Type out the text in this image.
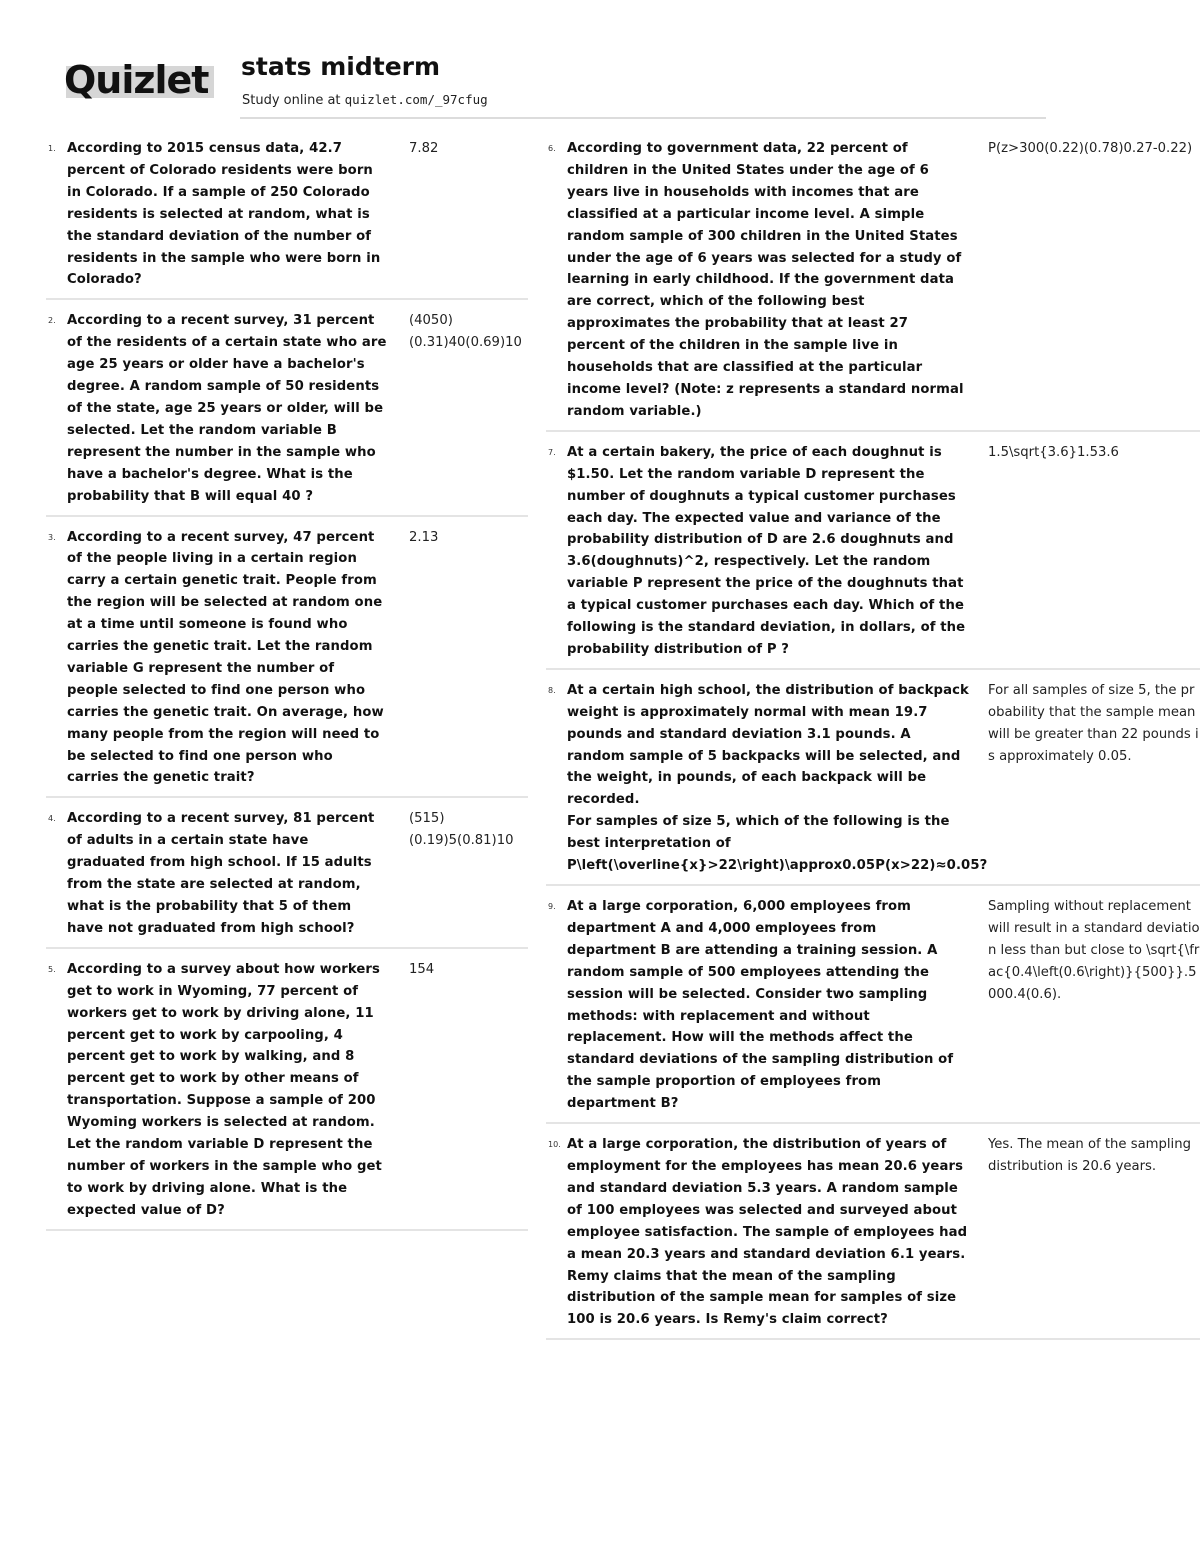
Quizlet stats midterm
Study online at quizlet.com/_97cfug
1. According to 2015 census data, 42.7 percent of Colorado residents were born in Colorado. If a sample of 250 Colorado residents is selected at random, what is the standard deviation of the number of residents in the sample who were born in Colorado?
7.82
2. According to a recent survey, 31 percent of the residents of a certain state who are age 25 years or older have a bachelor's degree. A random sample of 50 residents of the state, age 25 years or older, will be selected. Let the random variable B represent the number in the sample who have a bachelor's degree. What is the probability that B will equal 40 ?
(4050)(0.31)40(0.69)10
3. According to a recent survey, 47 percent of the people living in a certain region carry a certain genetic trait. People from the region will be selected at random one at a time until someone is found who carries the genetic trait. Let the random variable G represent the number of people selected to find one person who carries the genetic trait. On average, how many people from the region will need to be selected to find one person who carries the genetic trait?
2.13
4. According to a recent survey, 81 percent of adults in a certain state have graduated from high school. If 15 adults from the state are selected at random, what is the probability that 5 of them have not graduated from high school?
(515)(0.19)5(0.81)10
5. According to a survey about how workers get to work in Wyoming, 77 percent of workers get to work by driving alone, 11 percent get to work by carpooling, 4 percent get to work by walking, and 8 percent get to work by other means of transportation. Suppose a sample of 200 Wyoming workers is selected at random. Let the random variable D represent the number of workers in the sample who get to work by driving alone. What is the expected value of D?
154
6. According to government data, 22 percent of children in the United States under the age of 6 years live in households with incomes that are classified at a particular income level. A simple random sample of 300 children in the United States under the age of 6 years was selected for a study of learning in early childhood. If the government data are correct, which of the following best approximates the probability that at least 27 percent of the children in the sample live in households that are classified at the particular income level? (Note: z represents a standard normal random variable.)
P(z>300(0.22)(0.78)0.27-0.22)
7. At a certain bakery, the price of each doughnut is $1.50. Let the random variable D represent the number of doughnuts a typical customer purchases each day. The expected value and variance of the probability distribution of D are 2.6 doughnuts and 3.6(doughnuts)^2, respectively. Let the random variable P represent the price of the doughnuts that a typical customer purchases each day. Which of the following is the standard deviation, in dollars, of the probability distribution of P ?
1.5\sqrt{3.6}1.53.6
8. At a certain high school, the distribution of backpack weight is approximately normal with mean 19.7 pounds and standard deviation 3.1 pounds. A random sample of 5 backpacks will be selected, and the weight, in pounds, of each backpack will be recorded.

For samples of size 5, which of the following is the best interpretation of P\left(\overline{x}>22\right)\approx0.05P(x>22)≈0.05?

For all samples of size 5, the probability that the sample mean will be greater than 22 pounds is approximately 0.05.
9. At a large corporation, 6,000 employees from department A and 4,000 employees from department B are attending a training session. A random sample of 500 employees attending the session will be selected. Consider two sampling methods: with replacement and without replacement. How will the methods affect the standard deviations of the sampling distribution of the sample proportion of employees from department B?
Sampling without replacement will result in a standard deviation less than but close to \sqrt{\frac{0.4\left(0.6\right)}{500}}.5000.4(0.6).
10. At a large corporation, the distribution of years of employment for the employees has mean 20.6 years and standard deviation 5.3 years. A random sample of 100 employees was selected and surveyed about employee satisfaction. The sample of employees had a mean 20.3 years and standard deviation 6.1 years.

Remy claims that the mean of the sampling distribution of the sample mean for samples of size 100 is 20.6 years. Is Remy's claim correct?

Yes. The mean of the sampling distribution is 20.6 years.
